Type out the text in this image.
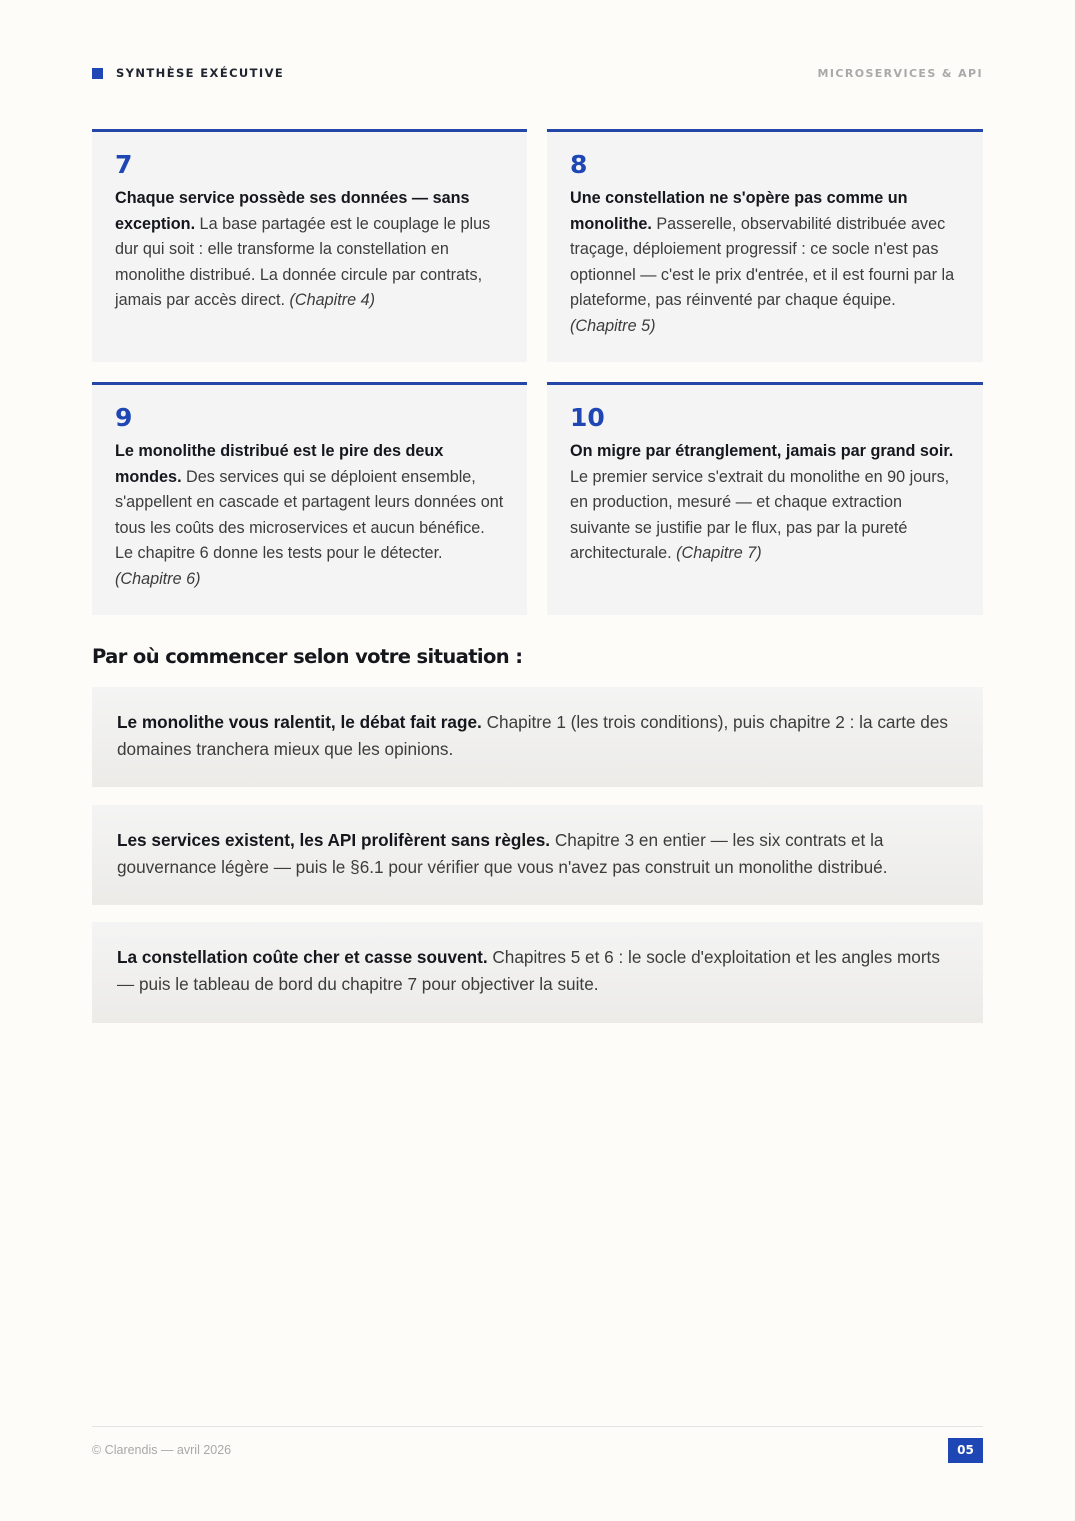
SYNTHÈSE EXÉCUTIVE	MICROSERVICES & API
7
Chaque service possède ses données — sans exception. La base partagée est le couplage le plus dur qui soit : elle transforme la constellation en monolithe distribué. La donnée circule par contrats, jamais par accès direct. (Chapitre 4)
8
Une constellation ne s'opère pas comme un monolithe. Passerelle, observabilité distribuée avec traçage, déploiement progressif : ce socle n'est pas optionnel — c'est le prix d'entrée, et il est fourni par la plateforme, pas réinventé par chaque équipe. (Chapitre 5)
9
Le monolithe distribué est le pire des deux mondes. Des services qui se déploient ensemble, s'appellent en cascade et partagent leurs données ont tous les coûts des microservices et aucun bénéfice. Le chapitre 6 donne les tests pour le détecter. (Chapitre 6)
10
On migre par étranglement, jamais par grand soir. Le premier service s'extrait du monolithe en 90 jours, en production, mesuré — et chaque extraction suivante se justifie par le flux, pas par la pureté architecturale. (Chapitre 7)
Par où commencer selon votre situation :
Le monolithe vous ralentit, le débat fait rage. Chapitre 1 (les trois conditions), puis chapitre 2 : la carte des domaines tranchera mieux que les opinions.
Les services existent, les API prolifèrent sans règles. Chapitre 3 en entier — les six contrats et la gouvernance légère — puis le §6.1 pour vérifier que vous n'avez pas construit un monolithe distribué.
La constellation coûte cher et casse souvent. Chapitres 5 et 6 : le socle d'exploitation et les angles morts — puis le tableau de bord du chapitre 7 pour objectiver la suite.
© Clarendis — avril 2026	05
